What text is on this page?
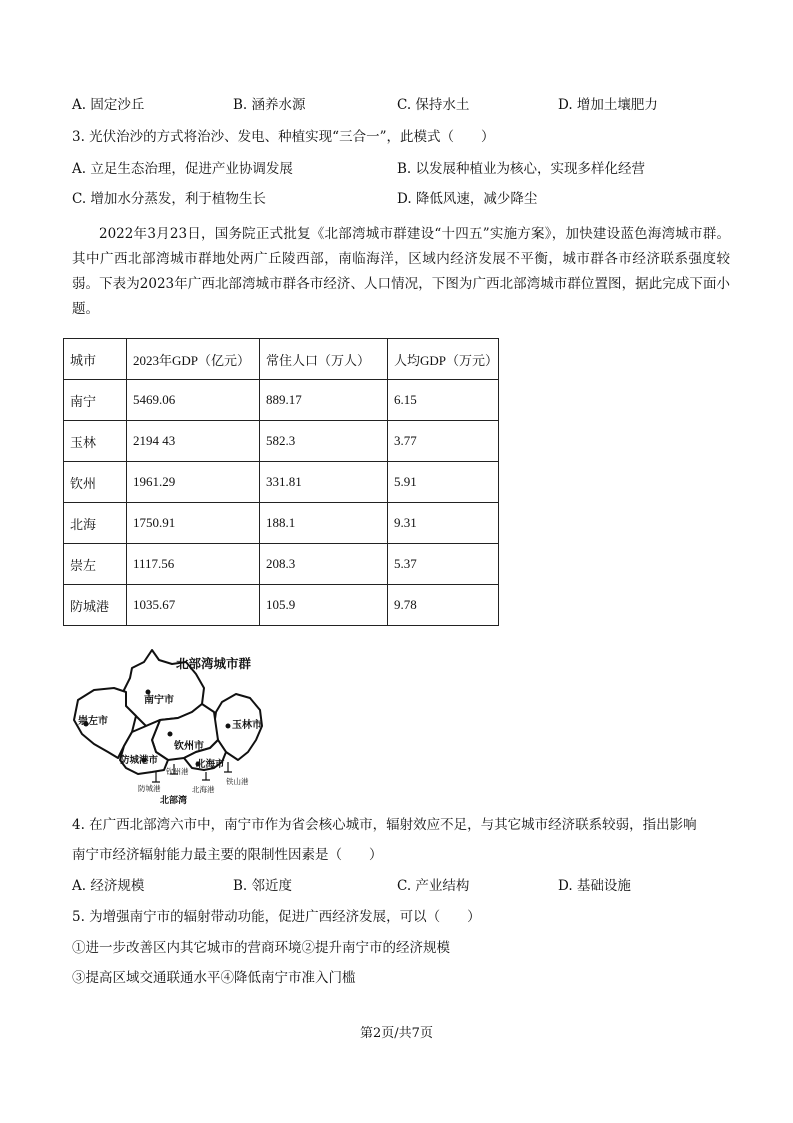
A. 固定沙丘	B. 涵养水源	C. 保持水土	D. 增加土壤肥力
3. 光伏治沙的方式将治沙、发电、种植实现“三合一”，此模式（　　）
A. 立足生态治理，促进产业协调发展	B. 以发展种植业为核心，实现多样化经营
C. 增加水分蒸发，利于植物生长	D. 降低风速，减少降尘
2022年3月23日，国务院正式批复《北部湾城市群建设“十四五”实施方案》，加快建设蓝色海湾城市群。其中广西北部湾城市群地处两广丘陵西部，南临海洋，区域内经济发展不平衡，城市群各市经济联系强度较弱。下表为2023年广西北部湾城市群各市经济、人口情况，下图为广西北部湾城市群位置图，据此完成下面小题。
城市	2023年GDP（亿元）	常住人口（万人）	人均GDP（万元）
南宁	5469.06	889.17	6.15
玉林	2194 43	582.3	3.77
钦州	1961.29	331.81	5.91
北海	1750.91	188.1	9.31
崇左	1117.56	208.3	5.37
防城港	1035.67	105.9	9.78
北部湾城市群
南宁市
崇左市	玉林市
钦州市
防城港市	北海市
钦州港
防城港	北海港
铁山港
北部湾
4. 在广西北部湾六市中，南宁市作为省会核心城市，辐射效应不足，与其它城市经济联系较弱，指出影响
南宁市经济辐射能力最主要的限制性因素是（　　）
A. 经济规模	B. 邻近度	C. 产业结构	D. 基础设施
5. 为增强南宁市的辐射带动功能，促进广西经济发展，可以（　　）
①进一步改善区内其它城市的营商环境②提升南宁市的经济规模
③提高区域交通联通水平④降低南宁市准入门槛
第2页/共7页
